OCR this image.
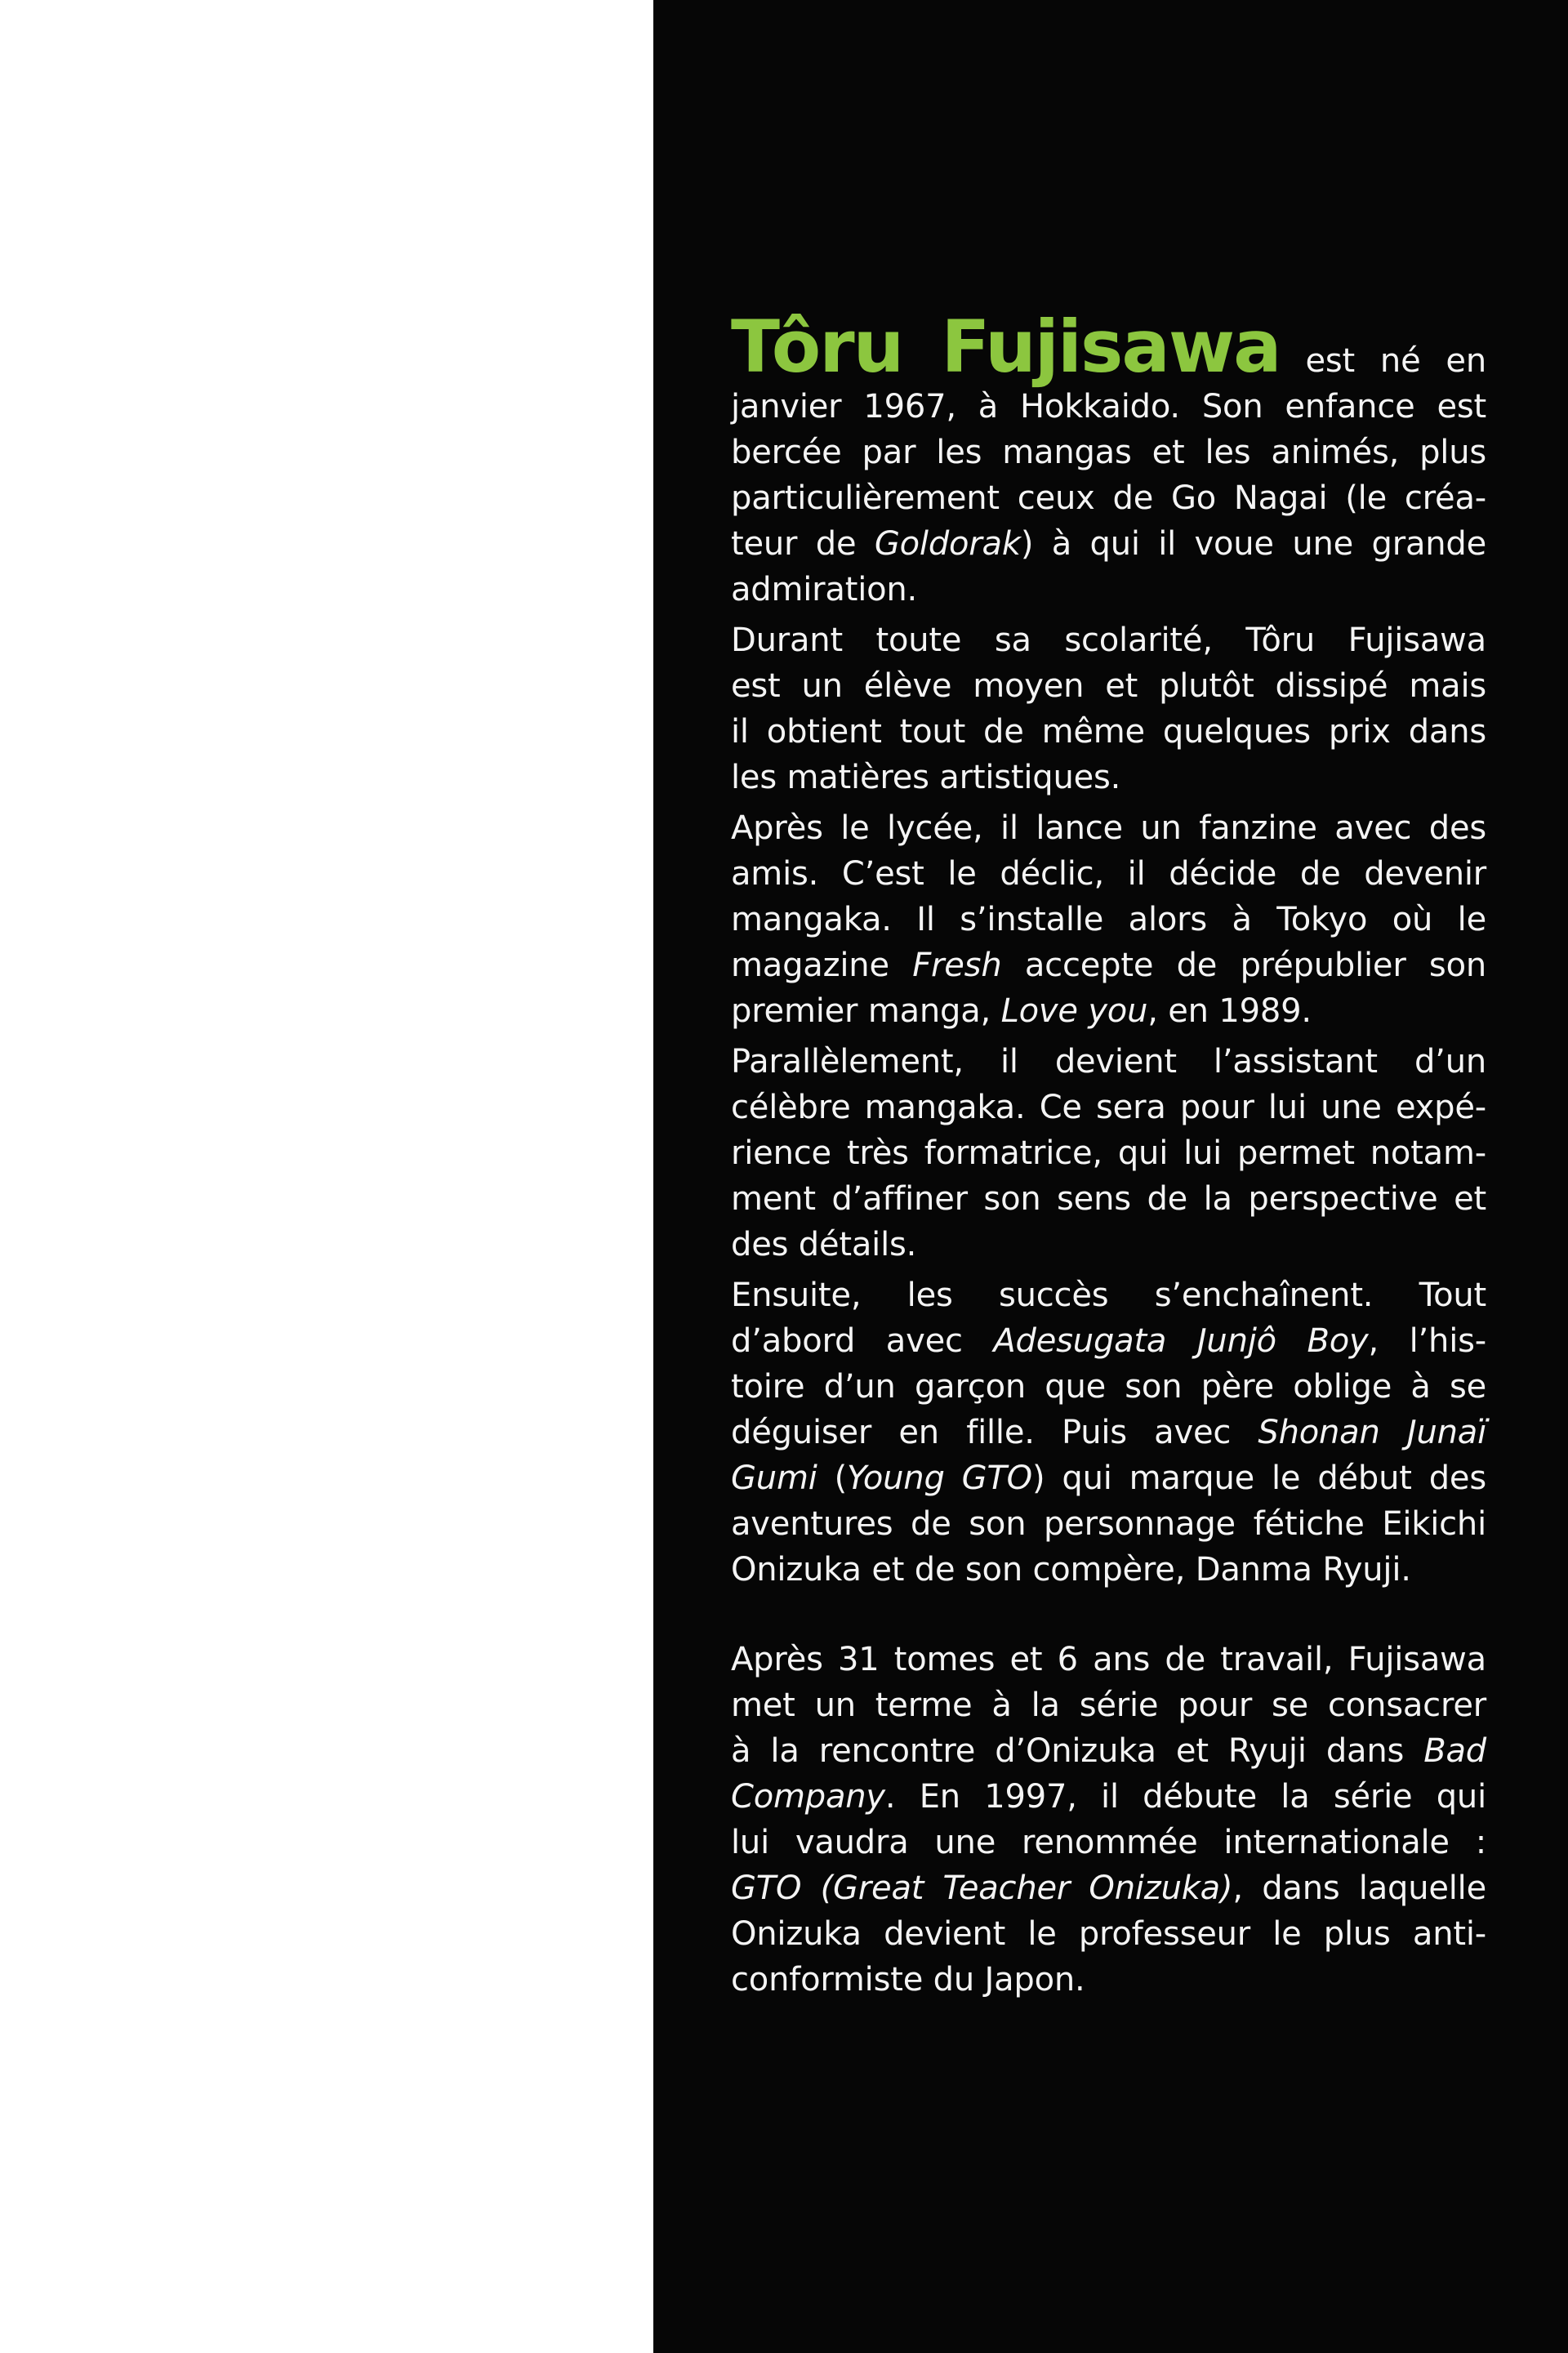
Tôru Fujisawa est né en
janvier 1967, à Hokkaido. Son enfance est
bercée par les mangas et les animés, plus
particulièrement ceux de Go Nagai (le créa-
teur de Goldorak) à qui il voue une grande
admiration.

Durant toute sa scolarité, Tôru Fujisawa
est un élève moyen et plutôt dissipé mais
il obtient tout de même quelques prix dans
les matières artistiques.

Après le lycée, il lance un fanzine avec des
amis. C’est le déclic, il décide de devenir
mangaka. Il s’installe alors à Tokyo où le
magazine Fresh accepte de prépublier son
premier manga, Love you, en 1989.

Parallèlement, il devient l’assistant d’un
célèbre mangaka. Ce sera pour lui une expé-
rience très formatrice, qui lui permet notam-
ment d’affiner son sens de la perspective et
des détails.

Ensuite, les succès s’enchaînent. Tout
d’abord avec Adesugata Junjô Boy, l’his-
toire d’un garçon que son père oblige à se
déguiser en fille. Puis avec Shonan Junaï
Gumi (Young GTO) qui marque le début des
aventures de son personnage fétiche Eikichi
Onizuka et de son compère, Danma Ryuji.

Après 31 tomes et 6 ans de travail, Fujisawa
met un terme à la série pour se consacrer
à la rencontre d’Onizuka et Ryuji dans Bad
Company. En 1997, il débute la série qui
lui vaudra une renommée internationale :
GTO (Great Teacher Onizuka), dans laquelle
Onizuka devient le professeur le plus anti-
conformiste du Japon.
